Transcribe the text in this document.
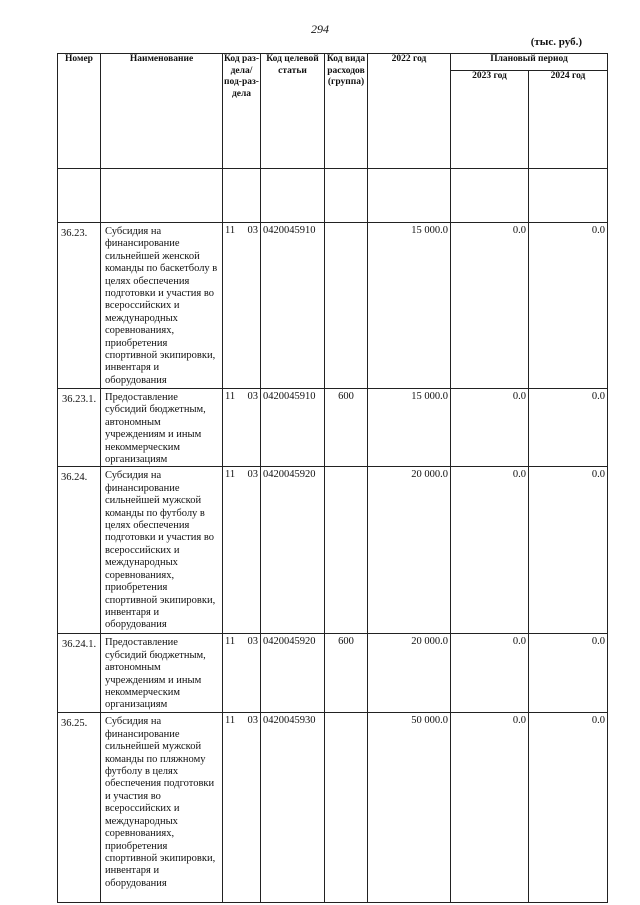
294
(тыс. руб.)
Номер	Наименование	Код раз-дела/ под-раз-дела	Код целевой статьи	Код вида расходов (группа)	2022 год	Плановый период	
						2023 год	2024 год

36.23.	Субсидия на финансирование сильнейшей женской команды по баскетболу в целях обеспечения подготовки и участия во всероссийских и международных соревнованиях, приобретения спортивной экипировки, инвентаря и оборудования	11 03	0420045910		15 000.0	0.0	0.0
36.23.1.	Предоставление субсидий бюджетным, автономным учреждениям и иным некоммерческим организациям	11 03	0420045910	600	15 000.0	0.0	0.0
36.24.	Субсидия на финансирование сильнейшей мужской команды по футболу в целях обеспечения подготовки и участия во всероссийских и международных соревнованиях, приобретения спортивной экипировки, инвентаря и оборудования	11 03	0420045920		20 000.0	0.0	0.0
36.24.1.	Предоставление субсидий бюджетным, автономным учреждениям и иным некоммерческим организациям	11 03	0420045920	600	20 000.0	0.0	0.0
36.25.	Субсидия на финансирование сильнейшей мужской команды по пляжному футболу в целях обеспечения подготовки и участия во всероссийских и международных соревнованиях, приобретения спортивной экипировки, инвентаря и оборудования	11 03	0420045930		50 000.0	0.0	0.0
